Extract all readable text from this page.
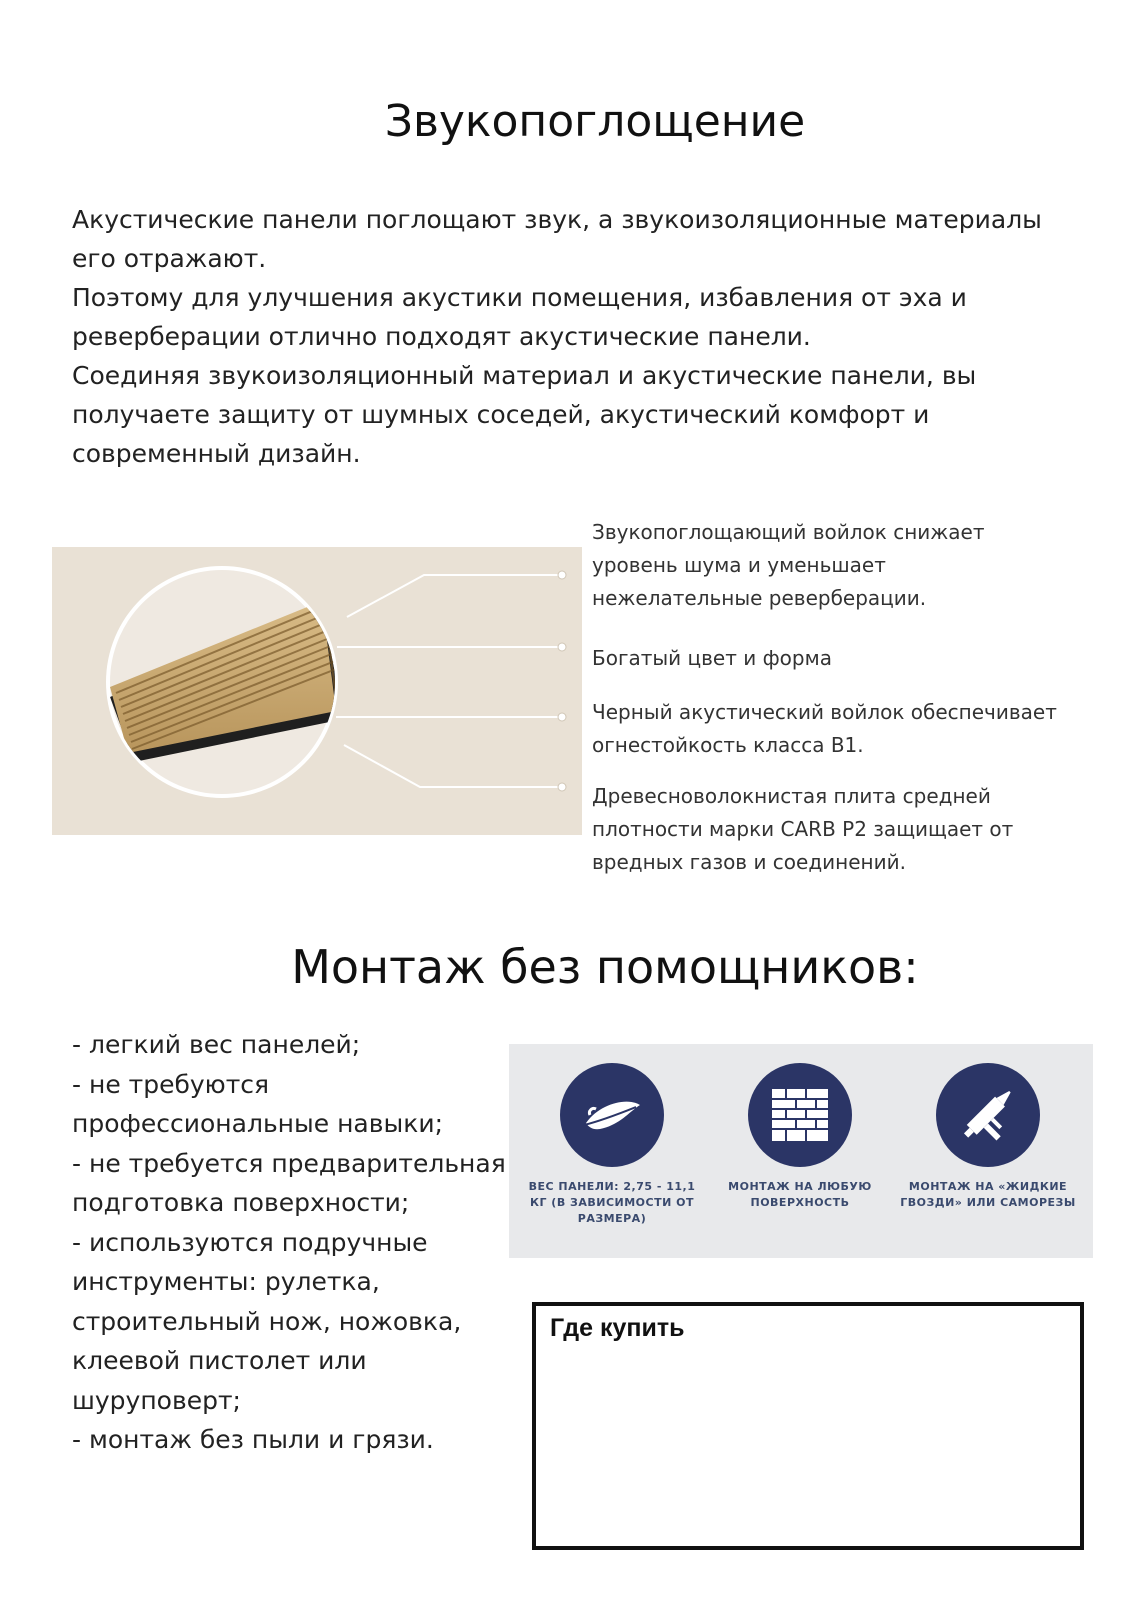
Звукопоглощение

Акустические панели поглощают звук, а звукоизоляционные материалы его отражают.

Поэтому для улучшения акустики помещения, избавления от эха и реверберации отлично подходят акустические панели.

Соединяя звукоизоляционный материал и акустические панели, вы получаете защиту от шумных соседей, акустический комфорт и современный дизайн.

Звукопоглощающий войлок снижает уровень шума и уменьшает нежелательные реверберации.
Богатый цвет и форма
Черный акустический войлок обеспечивает огнестойкость класса В1.
Древесноволокнистая плита средней плотности марки CARB P2 защищает от вредных газов и соединений.
Монтаж без помощников:
- легкий вес панелей;
- не требуются профессиональные навыки;
- не требуется предварительная подготовка поверхности;
- используются подручные инструменты: рулетка, строительный нож, ножовка, клеевой пистолет или шуруповерт;
- монтаж без пыли и грязи.
ВЕС ПАНЕЛИ: 2,75 - 11,1 КГ (В ЗАВИСИМОСТИ ОТ РАЗМЕРА)
МОНТАЖ НА ЛЮБУЮ ПОВЕРХНОСТЬ
МОНТАЖ НА «ЖИДКИЕ ГВОЗДИ» ИЛИ САМОРЕЗЫ
Где купить
